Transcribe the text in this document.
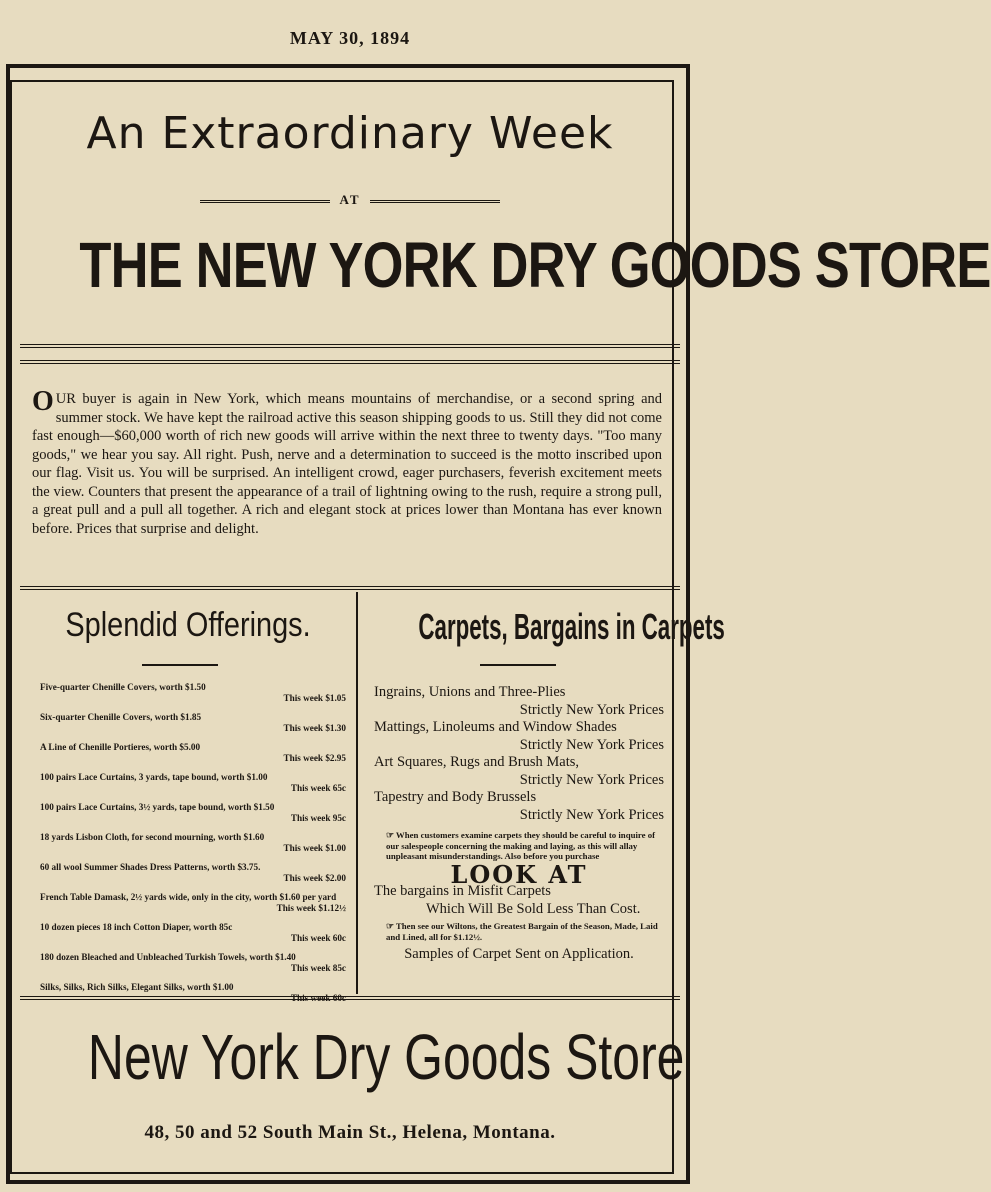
MAY 30, 1894
An Extraordinary Week
AT
THE NEW YORK DRY GOODS STORE
OUR buyer is again in New York, which means mountains of merchandise, or a second spring and summer stock. We have kept the railroad active this season shipping goods to us. Still they did not come fast enough—$60,000 worth of rich new goods will arrive within the next three to twenty days. "Too many goods," we hear you say. All right. Push, nerve and a determination to succeed is the motto inscribed upon our flag. Visit us. You will be surprised. An intelligent crowd, eager purchasers, feverish excitement meets the view. Counters that present the appearance of a trail of lightning owing to the rush, require a strong pull, a great pull and a pull all together. A rich and elegant stock at prices lower than Montana has ever known before. Prices that surprise and delight.
Splendid Offerings.	Carpets, Bargains in Carpets
Five-quarter Chenille Covers, worth $1.50
This week $1.05
Six-quarter Chenille Covers, worth $1.85
This week $1.30
A Line of Chenille Portieres, worth $5.00
This week $2.95
100 pairs Lace Curtains, 3 yards, tape bound, worth $1.00
This week 65c
100 pairs Lace Curtains, 3½ yards, tape bound, worth $1.50
This week 95c
18 yards Lisbon Cloth, for second mourning, worth $1.60
This week $1.00
60 all wool Summer Shades Dress Patterns, worth $3.75.
This week $2.00
French Table Damask, 2½ yards wide, only in the city, worth $1.60 per yard
This week $1.12½
10 dozen pieces 18 inch Cotton Diaper, worth 85c
This week 60c
180 dozen Bleached and Unbleached Turkish Towels, worth $1.40
This week 85c
Silks, Silks, Rich Silks, Elegant Silks, worth $1.00
This week 60c
Ingrains, Unions and Three-Plies
Strictly New York Prices
Mattings, Linoleums and Window Shades
Strictly New York Prices
Art Squares, Rugs and Brush Mats,
Strictly New York Prices
Tapestry and Body Brussels
Strictly New York Prices
☞ When customers examine carpets they should be careful to inquire of our salespeople concerning the making and laying, as this will allay unpleasant misunderstandings. Also before you purchase
LOOK AT
The bargains in Misfit Carpets
Which Will Be Sold Less Than Cost.
☞ Then see our Wiltons, the Greatest Bargain of the Season, Made, Laid and Lined, all for $1.12½.
Samples of Carpet Sent on Application.
New York Dry Goods Store
48, 50 and 52 South Main St., Helena, Montana.
